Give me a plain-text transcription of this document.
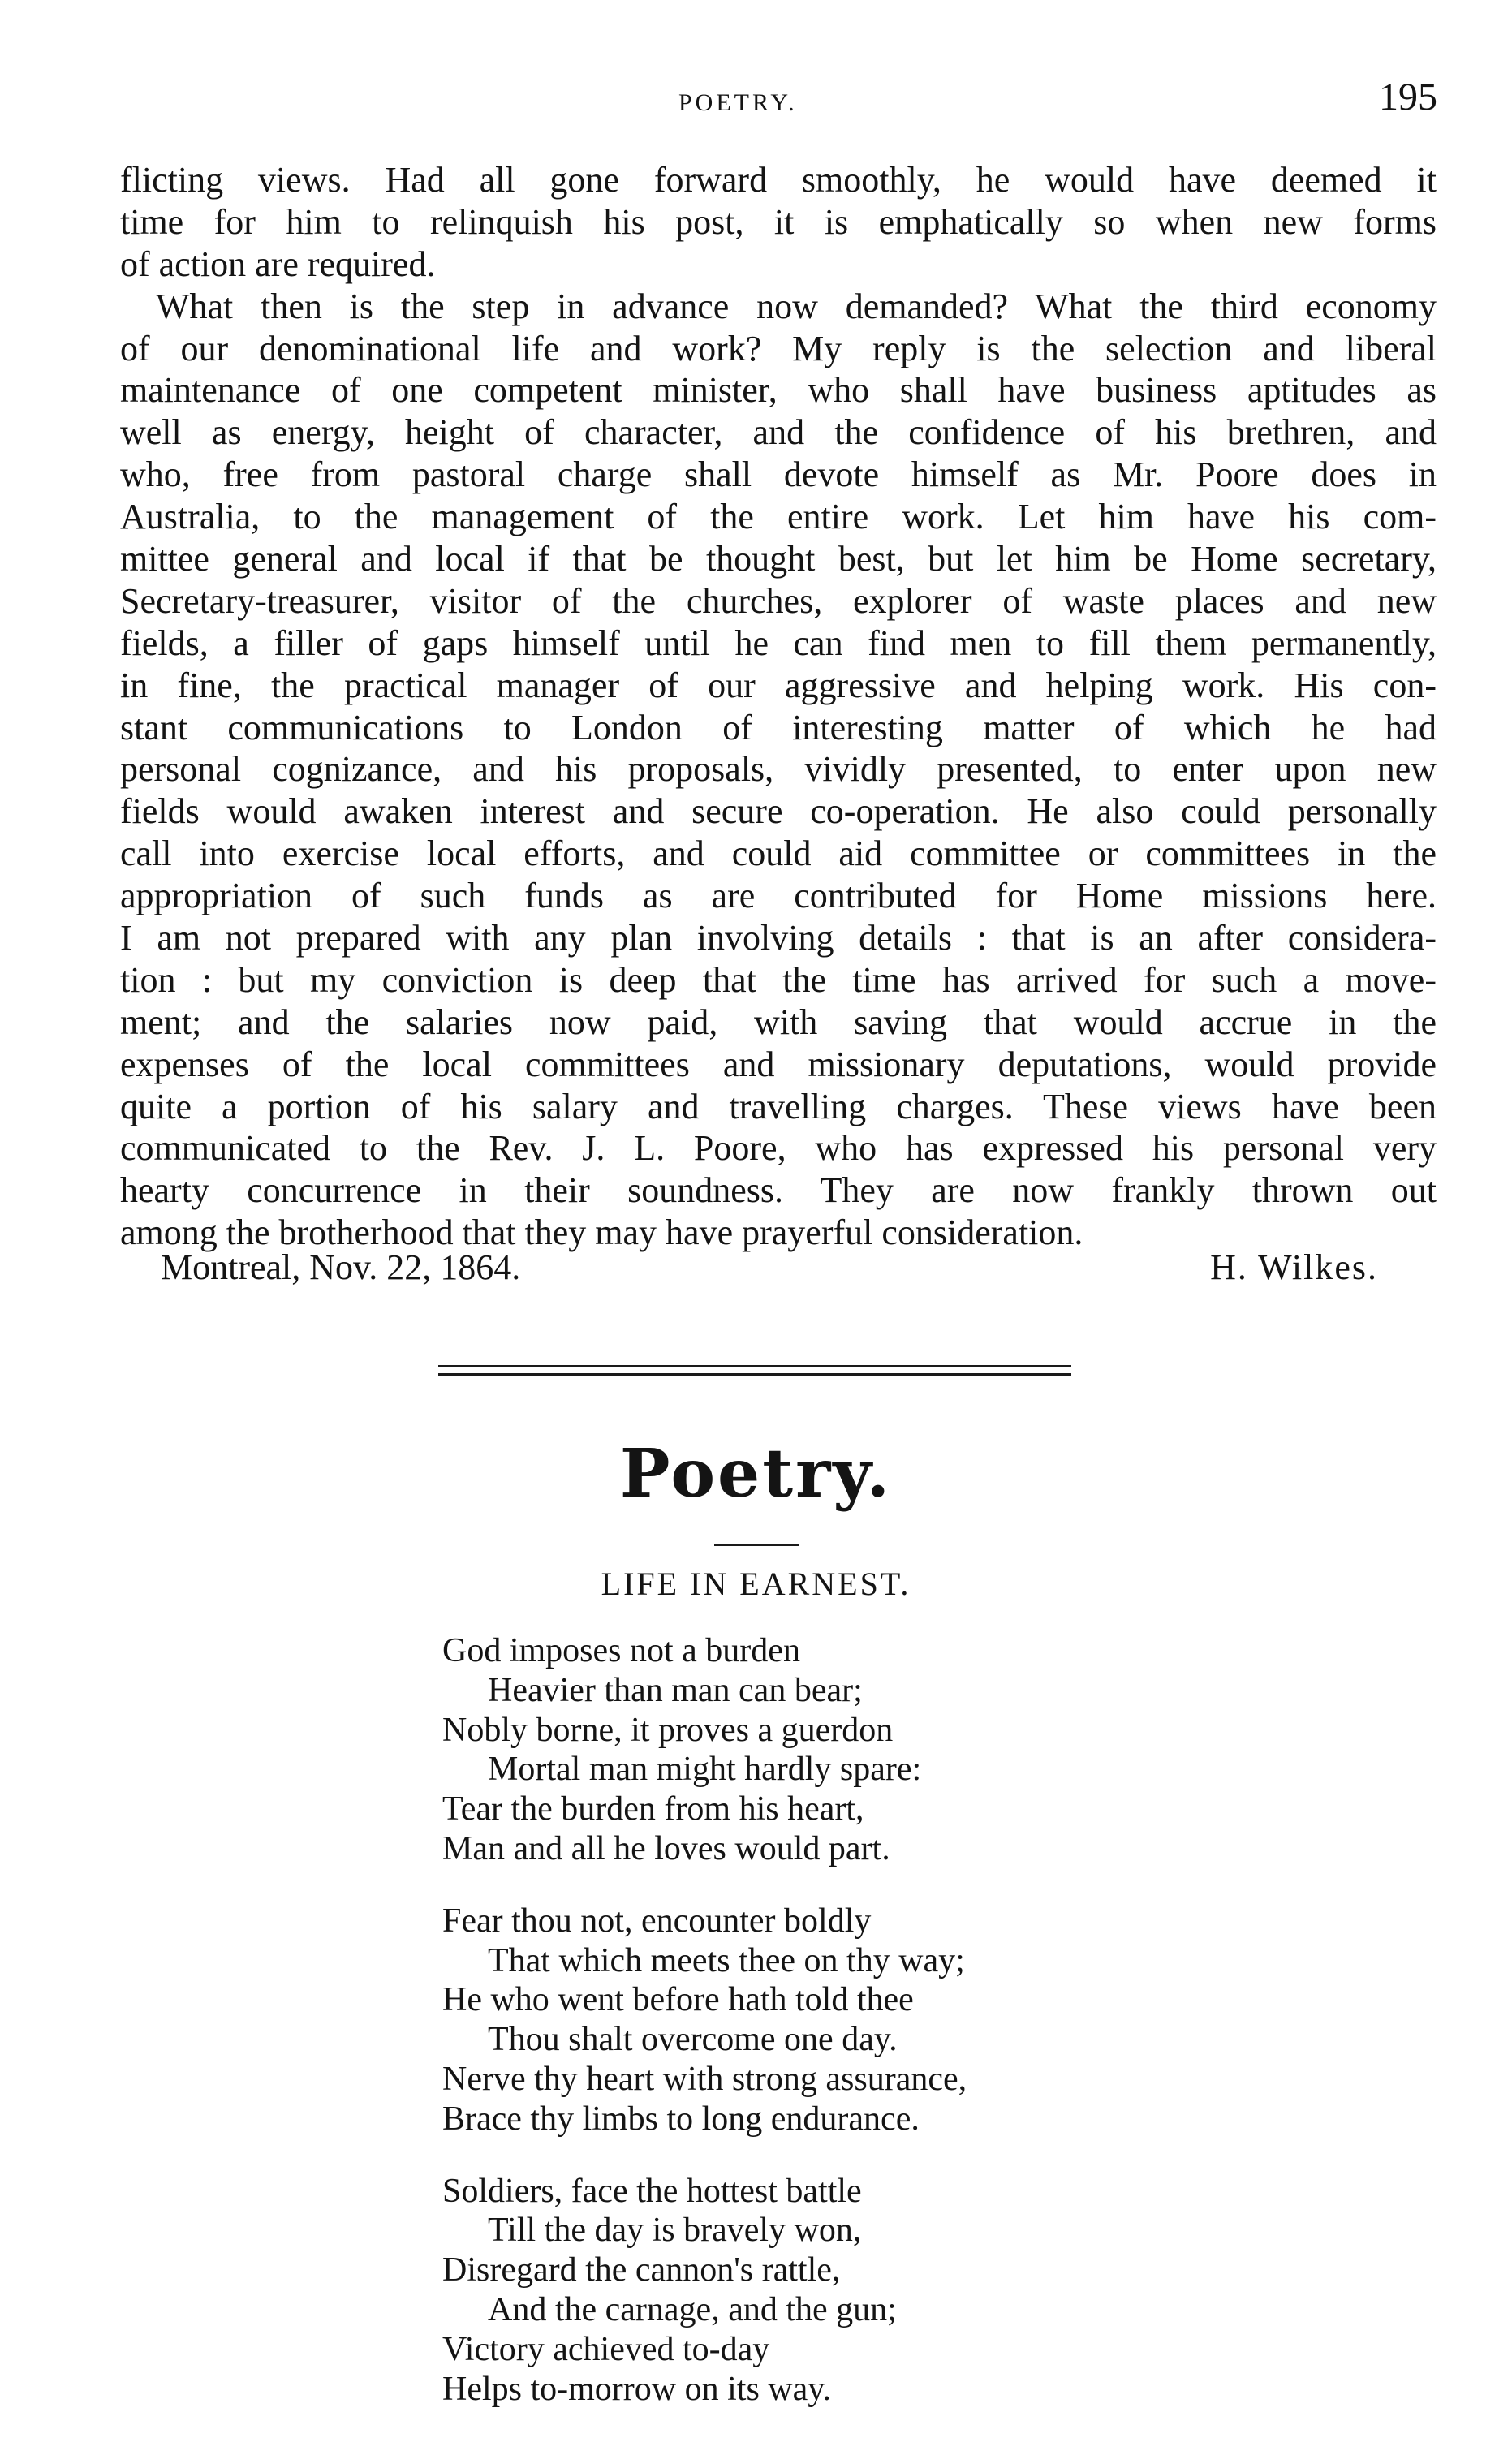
POETRY.	195
flicting views. Had all gone forward smoothly, he would have deemed it
time for him to relinquish his post, it is emphatically so when new forms
of action are required.
What then is the step in advance now demanded? What the third economy
of our denominational life and work? My reply is the selection and liberal
maintenance of one competent minister, who shall have business aptitudes as
well as energy, height of character, and the confidence of his brethren, and
who, free from pastoral charge shall devote himself as Mr. Poore does in
Australia, to the management of the entire work. Let him have his com-
mittee general and local if that be thought best, but let him be Home secretary,
Secretary-treasurer, visitor of the churches, explorer of waste places and new
fields, a filler of gaps himself until he can find men to fill them permanently,
in fine, the practical manager of our aggressive and helping work. His con-
stant communications to London of interesting matter of which he had
personal cognizance, and his proposals, vividly presented, to enter upon new
fields would awaken interest and secure co-operation. He also could personally
call into exercise local efforts, and could aid committee or committees in the
appropriation of such funds as are contributed for Home missions here.
I am not prepared with any plan involving details : that is an after considera-
tion : but my conviction is deep that the time has arrived for such a move-
ment; and the salaries now paid, with saving that would accrue in the
expenses of the local committees and missionary deputations, would provide
quite a portion of his salary and travelling charges. These views have been
communicated to the Rev. J. L. Poore, who has expressed his personal very
hearty concurrence in their soundness. They are now frankly thrown out
among the brotherhood that they may have prayerful consideration.
Montreal, Nov. 22, 1864.	H. Wilkes.
Poetry.
LIFE IN EARNEST.
God imposes not a burden
Heavier than man can bear;
Nobly borne, it proves a guerdon
Mortal man might hardly spare:
Tear the burden from his heart,
Man and all he loves would part.
Fear thou not, encounter boldly
That which meets thee on thy way;
He who went before hath told thee
Thou shalt overcome one day.
Nerve thy heart with strong assurance,
Brace thy limbs to long endurance.
Soldiers, face the hottest battle
Till the day is bravely won,
Disregard the cannon's rattle,
And the carnage, and the gun;
Victory achieved to-day
Helps to-morrow on its way.
